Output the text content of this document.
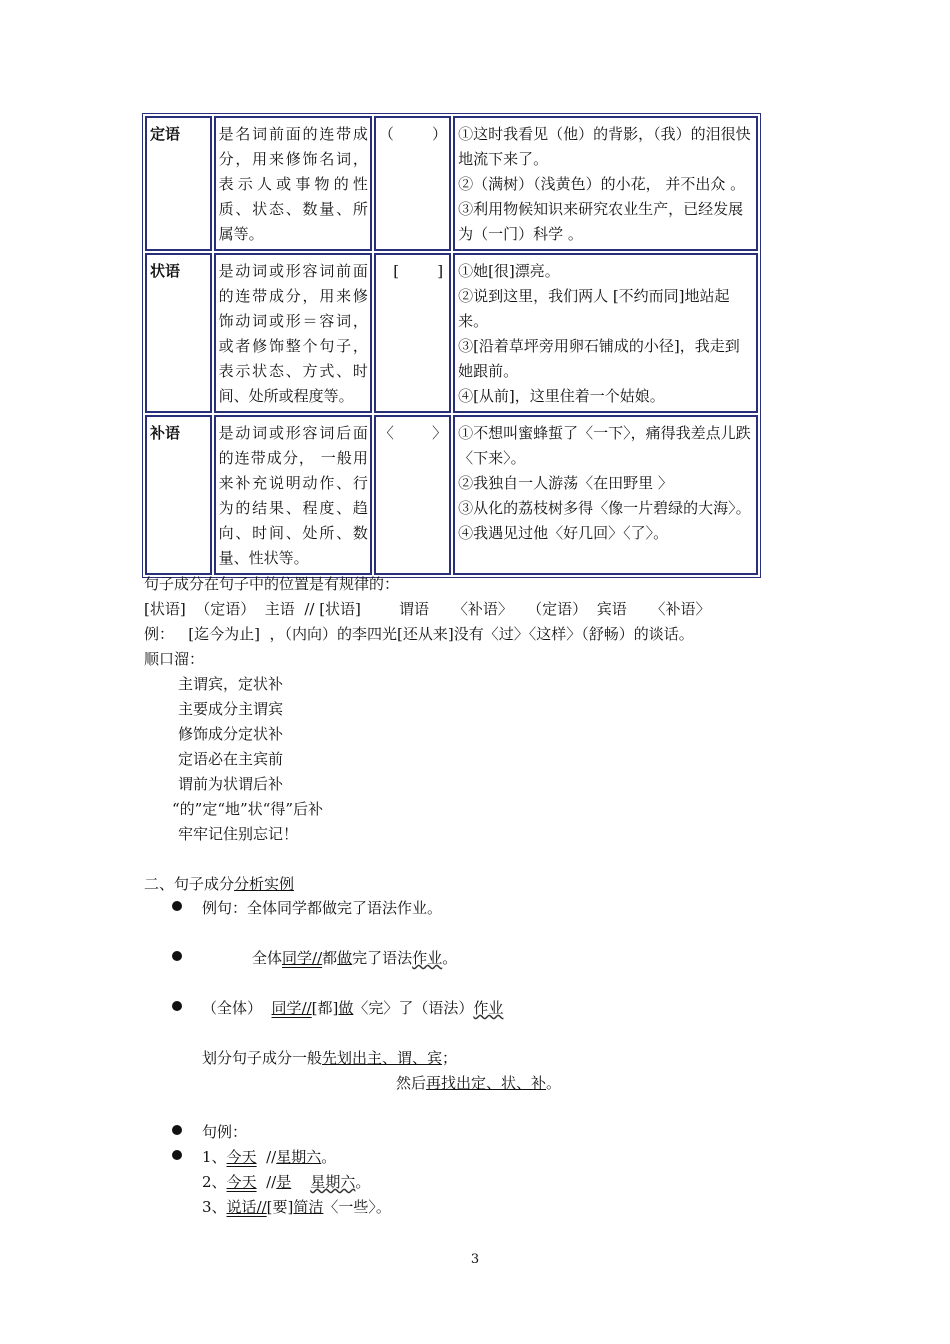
定语	是名词前面的连带成分，用来修饰名词，表示人或事物的性质、状态、数量、所属等。	（        ）	①这时我看见（他）的背影，（我）的泪很快地流下来了。
②（满树）（浅黄色）的小花， 并不出众 。
③利用物候知识来研究农业生产，已经发展为（一门）科学 。

状语	是动词或形容词前面的连带成分，用来修饰动词或形＝容词，或者修饰整个句子，表示状态、方式、时间、处所或程度等。	[        ]	①她[很]漂亮。
②说到这里，我们两人 [不约而同]地站起来。
③[沿着草坪旁用卵石铺成的小径]，我走到她跟前。
④[从前]，这里住着一个姑娘。

补语	是动词或形容词后面的连带成分， 一般用来补充说明动作、行为的结果、程度、趋向、时间、处所、数量、性状等。	〈        〉	①不想叫蜜蜂蜇了〈一下〉，痛得我差点儿跌〈下来〉。
②我独自一人游荡〈在田野里 〉
③从化的荔枝树多得〈像一片碧绿的大海〉。
④我遇见过他〈好几回〉〈了〉。
句子成分在句子中的位置是有规律的：
[状语]  （定语）  主语  // [状语]        谓语     〈补语〉   （定语）  宾语     〈补语〉
例：   [迄今为止]  ，（内向）的李四光[还从来]没有〈过〉〈这样〉（舒畅）的谈话。
顺口溜：
主谓宾，定状补
主要成分主谓宾
修饰成分定状补
定语必在主宾前
谓前为状谓后补
“的”定“地”状“得”后补
牢牢记住别忘记！
二、句子成分分析实例
例句：全体同学都做完了语法作业。
全体同学//都做完了语法作业。
（全体）  同学//[都]做〈完〉了（语法）作业
划分句子成分一般先划出主、谓、宾；
然后再找出定、状、补。
句例：
1、今天  //星期六。
2、今天  //是 星期六。
3、说话//[要]简洁〈一些〉。
3
